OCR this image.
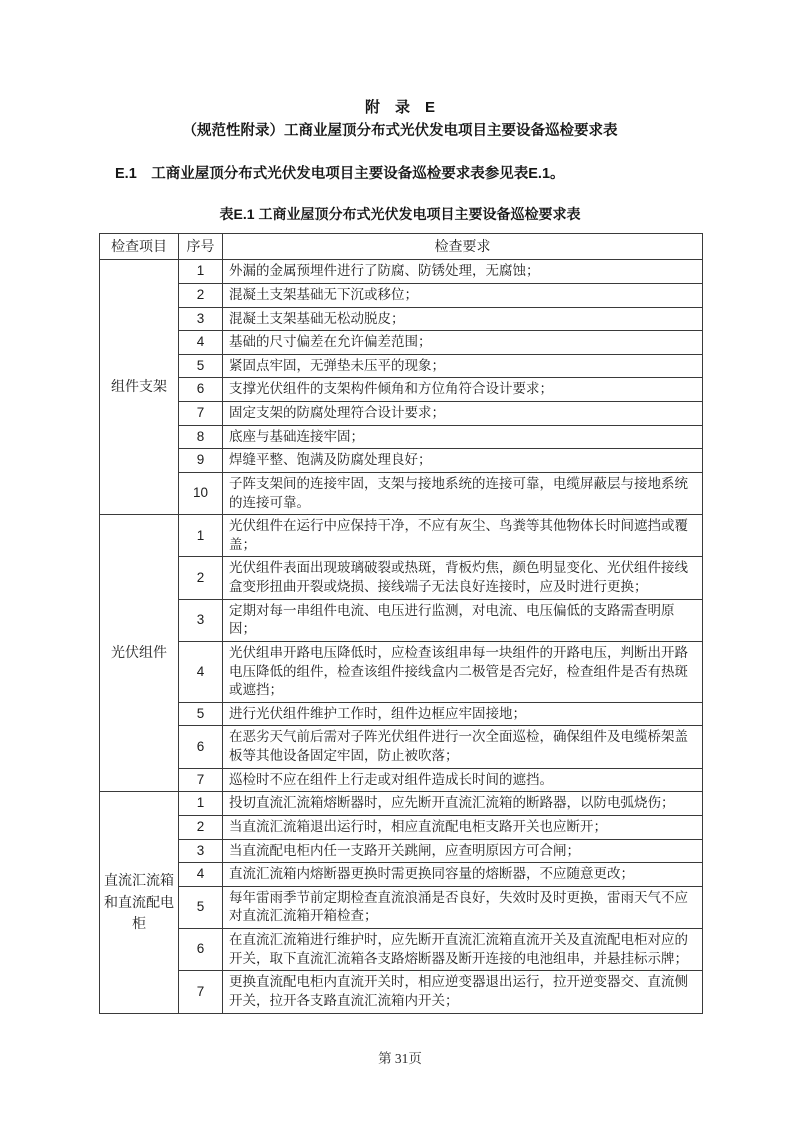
附　录　E
（规范性附录）工商业屋顶分布式光伏发电项目主要设备巡检要求表
E.1　工商业屋顶分布式光伏发电项目主要设备巡检要求表参见表E.1。
表E.1 工商业屋顶分布式光伏发电项目主要设备巡检要求表
检查项目	序号	检查要求
组件支架	1	外漏的金属预埋件进行了防腐、防锈处理，无腐蚀；
	2	混凝土支架基础无下沉或移位；
	3	混凝土支架基础无松动脱皮；
	4	基础的尺寸偏差在允许偏差范围；
	5	紧固点牢固，无弹垫未压平的现象；
	6	支撑光伏组件的支架构件倾角和方位角符合设计要求；
	7	固定支架的防腐处理符合设计要求；
	8	底座与基础连接牢固；
	9	焊缝平整、饱满及防腐处理良好；
	10	子阵支架间的连接牢固，支架与接地系统的连接可靠，电缆屏蔽层与接地系统的连接可靠。
光伏组件	1	光伏组件在运行中应保持干净，不应有灰尘、鸟粪等其他物体长时间遮挡或覆盖；
	2	光伏组件表面出现玻璃破裂或热斑，背板灼焦，颜色明显变化、光伏组件接线盒变形扭曲开裂或烧损、接线端子无法良好连接时，应及时进行更换；
	3	定期对每一串组件电流、电压进行监测，对电流、电压偏低的支路需查明原因；
	4	光伏组串开路电压降低时，应检查该组串每一块组件的开路电压，判断出开路电压降低的组件，检查该组件接线盒内二极管是否完好，检查组件是否有热斑或遮挡；
	5	进行光伏组件维护工作时，组件边框应牢固接地；
	6	在恶劣天气前后需对子阵光伏组件进行一次全面巡检，确保组件及电缆桥架盖板等其他设备固定牢固，防止被吹落；
	7	巡检时不应在组件上行走或对组件造成长时间的遮挡。
直流汇流箱和直流配电柜	1	投切直流汇流箱熔断器时，应先断开直流汇流箱的断路器，以防电弧烧伤；
	2	当直流汇流箱退出运行时，相应直流配电柜支路开关也应断开；
	3	当直流配电柜内任一支路开关跳闸，应查明原因方可合闸；
	4	直流汇流箱内熔断器更换时需更换同容量的熔断器，不应随意更改；
	5	每年雷雨季节前定期检查直流浪涌是否良好，失效时及时更换，雷雨天气不应对直流汇流箱开箱检查；
	6	在直流汇流箱进行维护时，应先断开直流汇流箱直流开关及直流配电柜对应的开关，取下直流汇流箱各支路熔断器及断开连接的电池组串，并悬挂标示牌；
	7	更换直流配电柜内直流开关时，相应逆变器退出运行，拉开逆变器交、直流侧开关，拉开各支路直流汇流箱内开关；
第 31页
